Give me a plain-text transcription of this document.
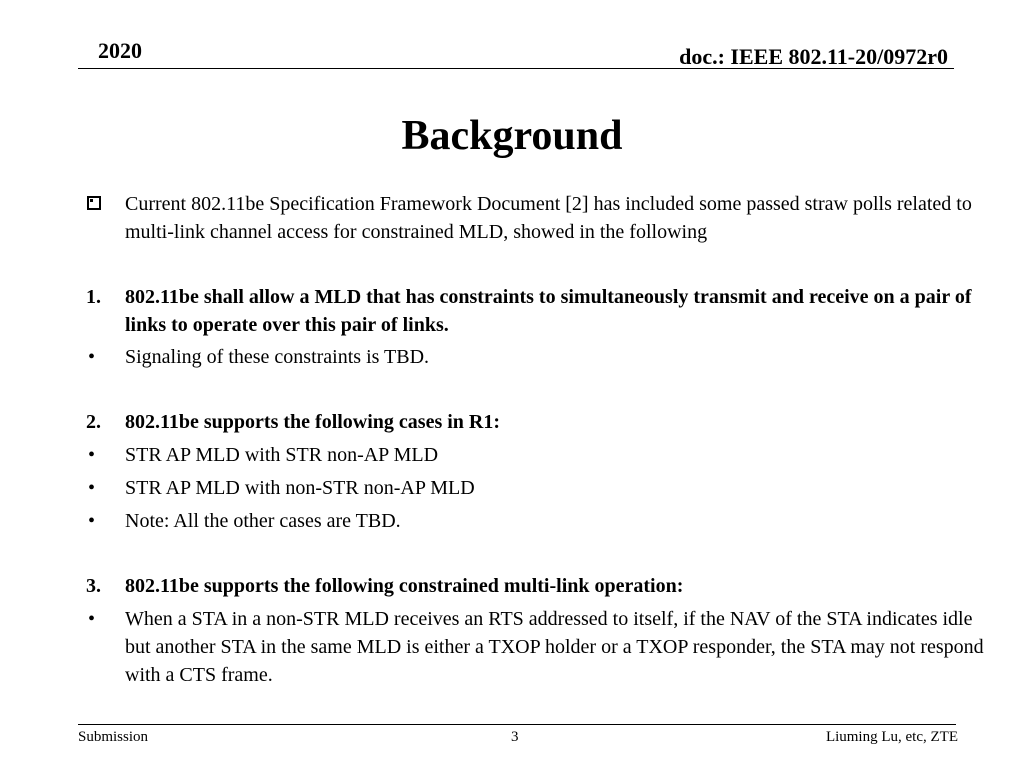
2020	doc.: IEEE 802.11-20/0972r0
Background
Current 802.11be Specification Framework Document [2] has included some passed straw polls related to multi-link channel access for constrained MLD, showed in the following
1. 802.11be shall allow a MLD that has constraints to simultaneously transmit and receive on a pair of links to operate over this pair of links.
• Signaling of these constraints is TBD.
2. 802.11be supports the following cases in R1:
• STR AP MLD with STR non-AP MLD
• STR AP MLD with non-STR non-AP MLD
• Note: All the other cases are TBD.
3. 802.11be supports the following constrained multi-link operation:
• When a STA in a non-STR MLD receives an RTS addressed to itself, if the NAV of the STA indicates idle but another STA in the same MLD is either a TXOP holder or a TXOP responder, the STA may not respond with a CTS frame.
Submission	3	Liuming Lu, etc, ZTE
